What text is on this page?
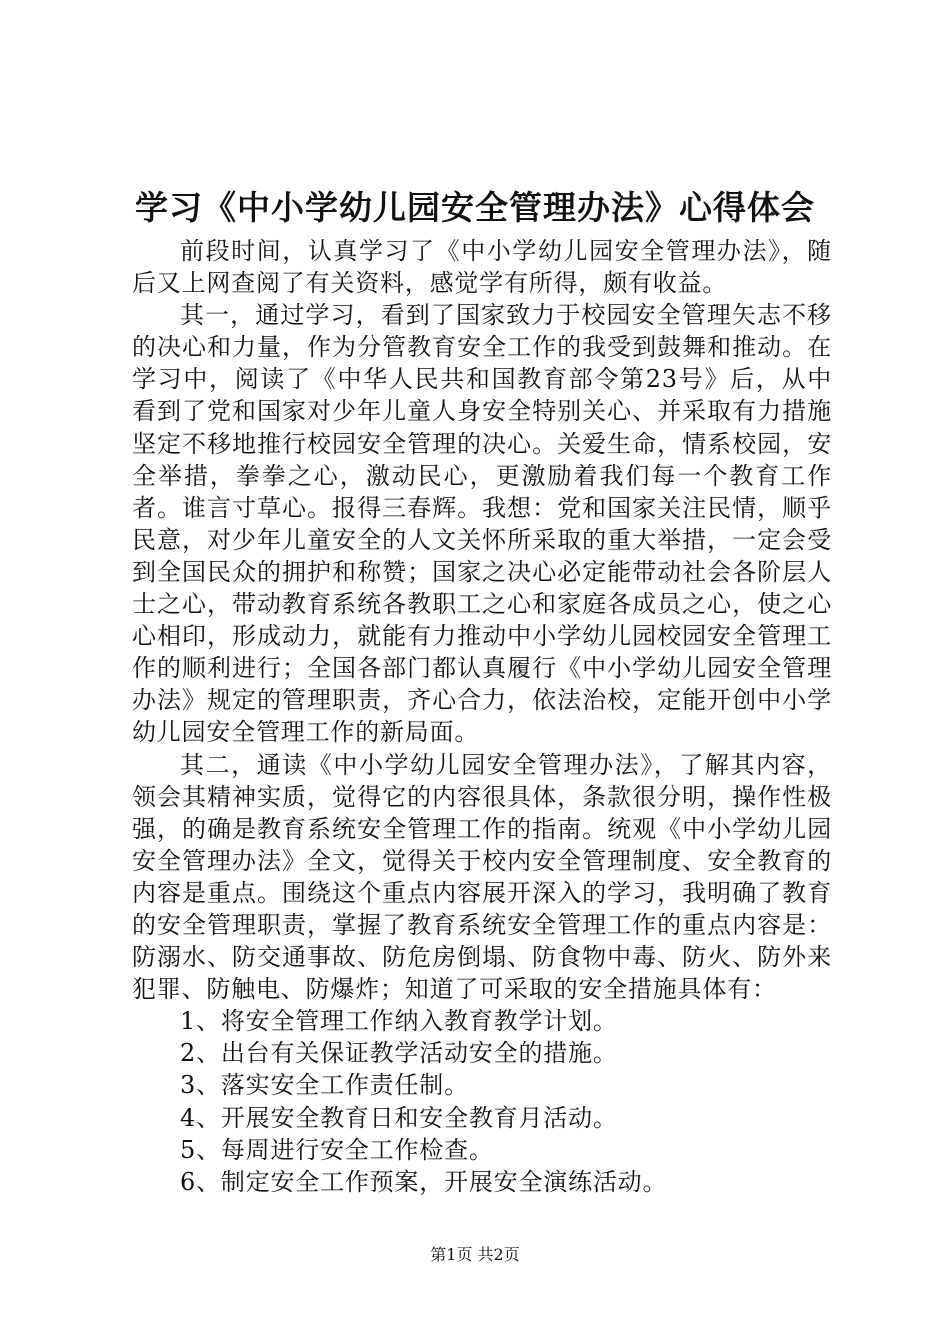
学习《中小学幼儿园安全管理办法》心得体会

前段时间，认真学习了《中小学幼儿园安全管理办法》，随后又上网查阅了有关资料，感觉学有所得，颇有收益。

其一，通过学习，看到了国家致力于校园安全管理矢志不移的决心和力量，作为分管教育安全工作的我受到鼓舞和推动。在学习中，阅读了《中华人民共和国教育部令第23号》后，从中看到了党和国家对少年儿童人身安全特别关心、并采取有力措施坚定不移地推行校园安全管理的决心。关爱生命，情系校园，安全举措，拳拳之心，激动民心，更激励着我们每一个教育工作者。谁言寸草心。报得三春辉。我想：党和国家关注民情，顺乎民意，对少年儿童安全的人文关怀所采取的重大举措，一定会受到全国民众的拥护和称赞；国家之决心必定能带动社会各阶层人士之心，带动教育系统各教职工之心和家庭各成员之心，使之心心相印，形成动力，就能有力推动中小学幼儿园校园安全管理工作的顺利进行；全国各部门都认真履行《中小学幼儿园安全管理办法》规定的管理职责，齐心合力，依法治校，定能开创中小学幼儿园安全管理工作的新局面。

其二，通读《中小学幼儿园安全管理办法》，了解其内容，领会其精神实质，觉得它的内容很具体，条款很分明，操作性极强，的确是教育系统安全管理工作的指南。统观《中小学幼儿园安全管理办法》全文，觉得关于校内安全管理制度、安全教育的内容是重点。围绕这个重点内容展开深入的学习，我明确了教育的安全管理职责，掌握了教育系统安全管理工作的重点内容是：防溺水、防交通事故、防危房倒塌、防食物中毒、防火、防外来犯罪、防触电、防爆炸；知道了可采取的安全措施具体有：

1、将安全管理工作纳入教育教学计划。

2、出台有关保证教学活动安全的措施。

3、落实安全工作责任制。

4、开展安全教育日和安全教育月活动。

5、每周进行安全工作检查。

6、制定安全工作预案，开展安全演练活动。

第1页 共2页
